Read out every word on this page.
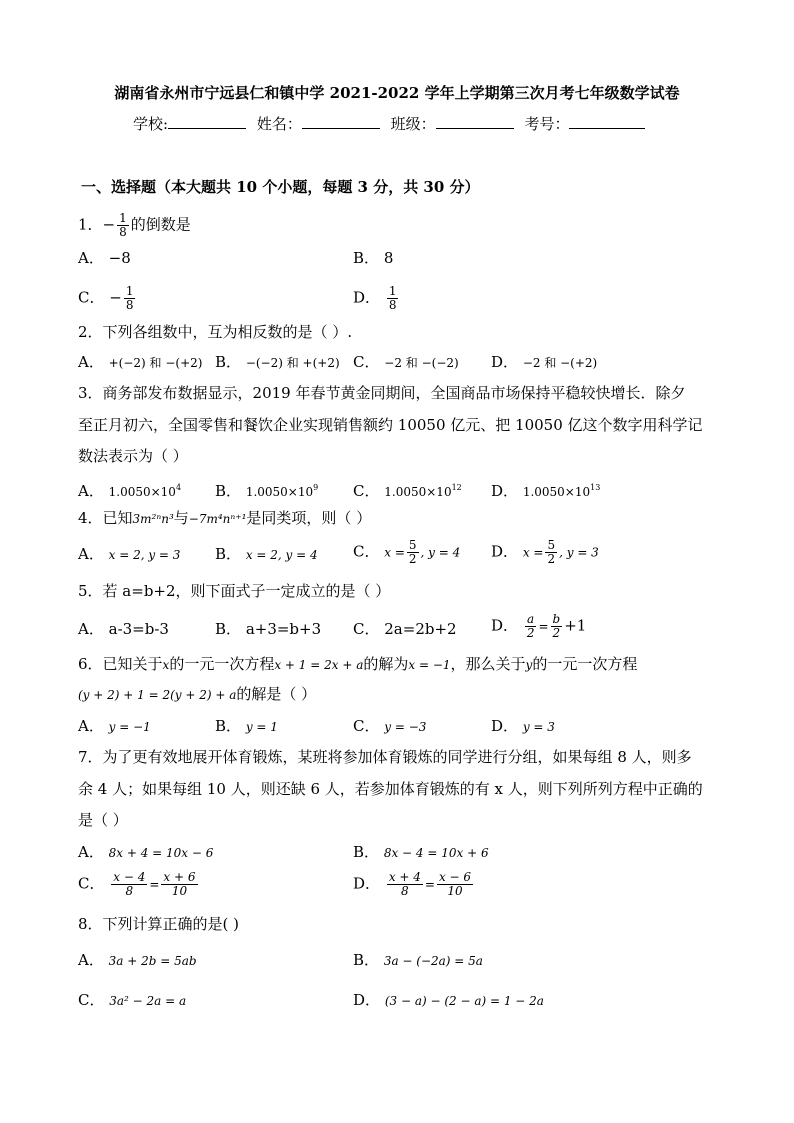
湖南省永州市宁远县仁和镇中学 2021-2022 学年上学期第三次月考七年级数学试卷
学校:	姓名：	班级：	考号：
一、选择题（本大题共 10 个小题，每题 3 分，共 30 分）
1．− $\frac{1}{8}$ 的倒数是
A． −8	B． 8
C． − $\frac{1}{8}$	D． $\frac{1}{8}$
2．下列各组数中，互为相反数的是（ ）.
A． +(−2) 和 −(+2) B． −(−2) 和 +(+2) C． −2 和 −(−2) D． −2 和 −(+2)
3．商务部发布数据显示，2019 年春节黄金同期间，全国商品市场保持平稳较快增长．除夕
至正月初六，全国零售和餐饮企业实现销售额约 10050 亿元、把 10050 亿这个数字用科学记
数法表示为（ ）
A． $1.0050\times 10^4$ B． $1.0050\times 10^9$ C． $1.0050\times 10^{12}$ D． $1.0050\times 10^{13}$
4．已知3m²ⁿn³与−7m⁴nⁿ⁺¹是同类项，则（ ）
A． x = 2, y = 3 B． x = 2, y = 4 C． $x = \frac{5}{2}$ , y = 4 D． $x = \frac{5}{2}$ , y = 3
5．若 a=b+2，则下面式子一定成立的是（ ）
A． a-3=b-3	B． a+3=b+3 C． 2a=2b+2 D． $\frac{a}{2} = \frac{b}{2} +1$
6．已知关于x的一元一次方程x + 1 = 2x + a的解为x = −1，那么关于y的一元一次方程
(y + 2) + 1 = 2(y + 2) + a的解是（ ）
A． y = −1	B． y = 1	C． y = −3	D． y = 3
7．为了更有效地展开体育锻炼，某班将参加体育锻炼的同学进行分组，如果每组 8 人，则多
余 4 人；如果每组 10 人，则还缺 6 人，若参加体育锻炼的有 x 人，则下列所列方程中正确的
是（ ）
A． 8x + 4 = 10x − 6	B． 8x − 4 = 10x + 6
C． $\frac{x - 4}{8} = \frac{x + 6}{10}$	D． $\frac{x + 4}{8} = \frac{x - 6}{10}$
8．下列计算正确的是( )
A． 3a + 2b = 5ab	B． 3a − (−2a) = 5a
C． 3a² − 2a = a	D． (3 − a) − (2 − a) = 1 − 2a
